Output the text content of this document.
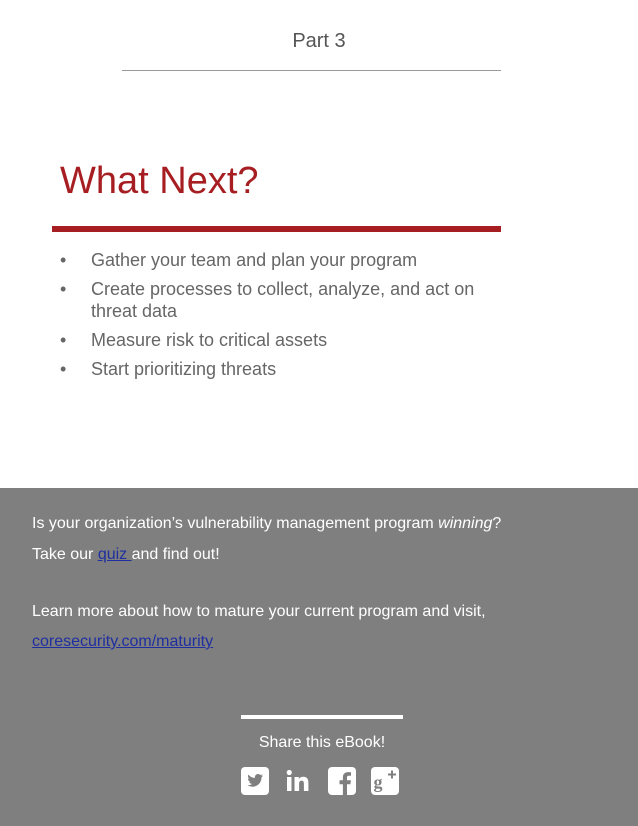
Part 3
What Next?
•	Gather your team and plan your program
•	Create processes to collect, analyze, and act on threat data
•	Measure risk to critical assets
•	Start prioritizing threats

Is your organization’s vulnerability management program winning?

Take our quiz and find out!

Learn more about how to mature your current program and visit,

coresecurity.com/maturity

Share this eBook!
g
